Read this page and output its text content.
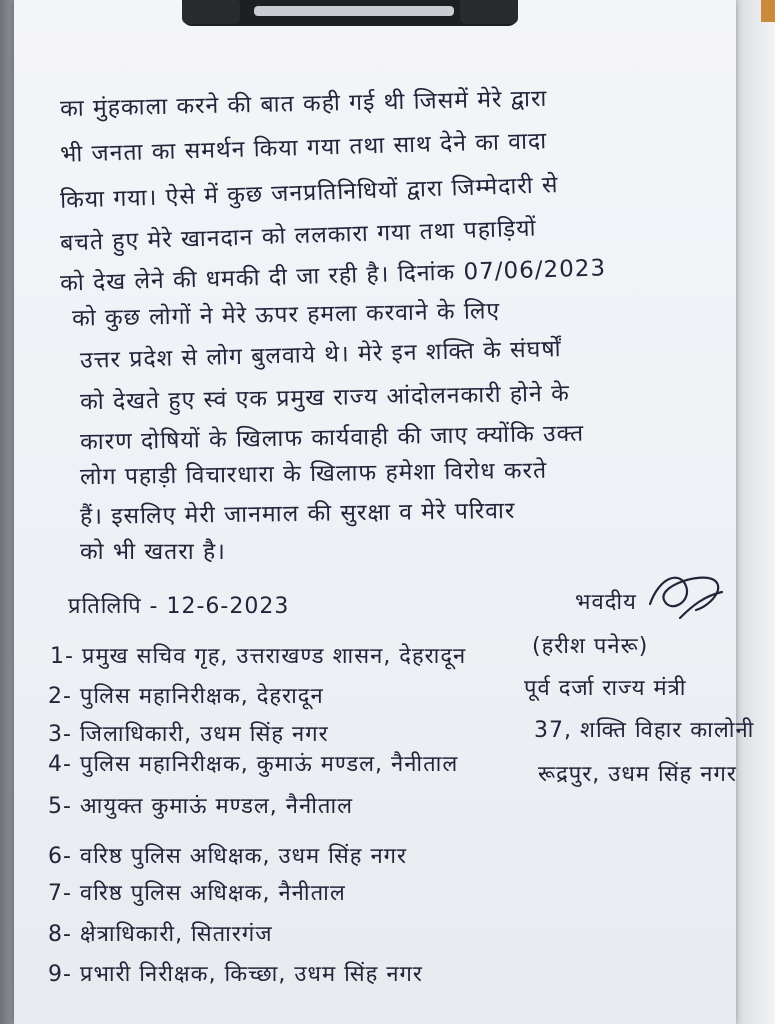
का मुंहकाला करने की बात कही गई थी जिसमें मेरे द्वारा
भी जनता का समर्थन किया गया तथा साथ देने का वादा
किया गया। ऐसे में कुछ जनप्रतिनिधियों द्वारा जिम्मेदारी से
बचते हुए मेरे खानदान को ललकारा गया तथा पहाड़ियों
को देख लेने की धमकी दी जा रही है। दिनांक 07/06/2023
को कुछ लोगों ने मेरे ऊपर हमला करवाने के लिए
उत्तर प्रदेश से लोग बुलवाये थे। मेरे इन शक्ति के संघर्षों
को देखते हुए स्वं एक प्रमुख राज्य आंदोलनकारी होने के
कारण दोषियों के खिलाफ कार्यवाही की जाए क्योंकि उक्त
लोग पहाड़ी विचारधारा के खिलाफ हमेशा विरोध करते
हैं। इसलिए मेरी जानमाल की सुरक्षा व मेरे परिवार
को भी खतरा है।
प्रतिलिपि - 12-6-2023
1- प्रमुख सचिव गृह, उत्तराखण्ड शासन, देहरादून
2- पुलिस महानिरीक्षक, देहरादून
3- जिलाधिकारी, उधम सिंह नगर
4- पुलिस महानिरीक्षक, कुमाऊं मण्डल, नैनीताल
5- आयुक्त कुमाऊं मण्डल, नैनीताल
6- वरिष्ठ पुलिस अधिक्षक, उधम सिंह नगर
7- वरिष्ठ पुलिस अधिक्षक, नैनीताल
8- क्षेत्राधिकारी, सितारगंज
9- प्रभारी निरीक्षक, किच्छा, उधम सिंह नगर
भवदीय
(हरीश पनेरू)
पूर्व दर्जा राज्य मंत्री
37, शक्ति विहार कालोनी
रूद्रपुर, उधम सिंह नगर
